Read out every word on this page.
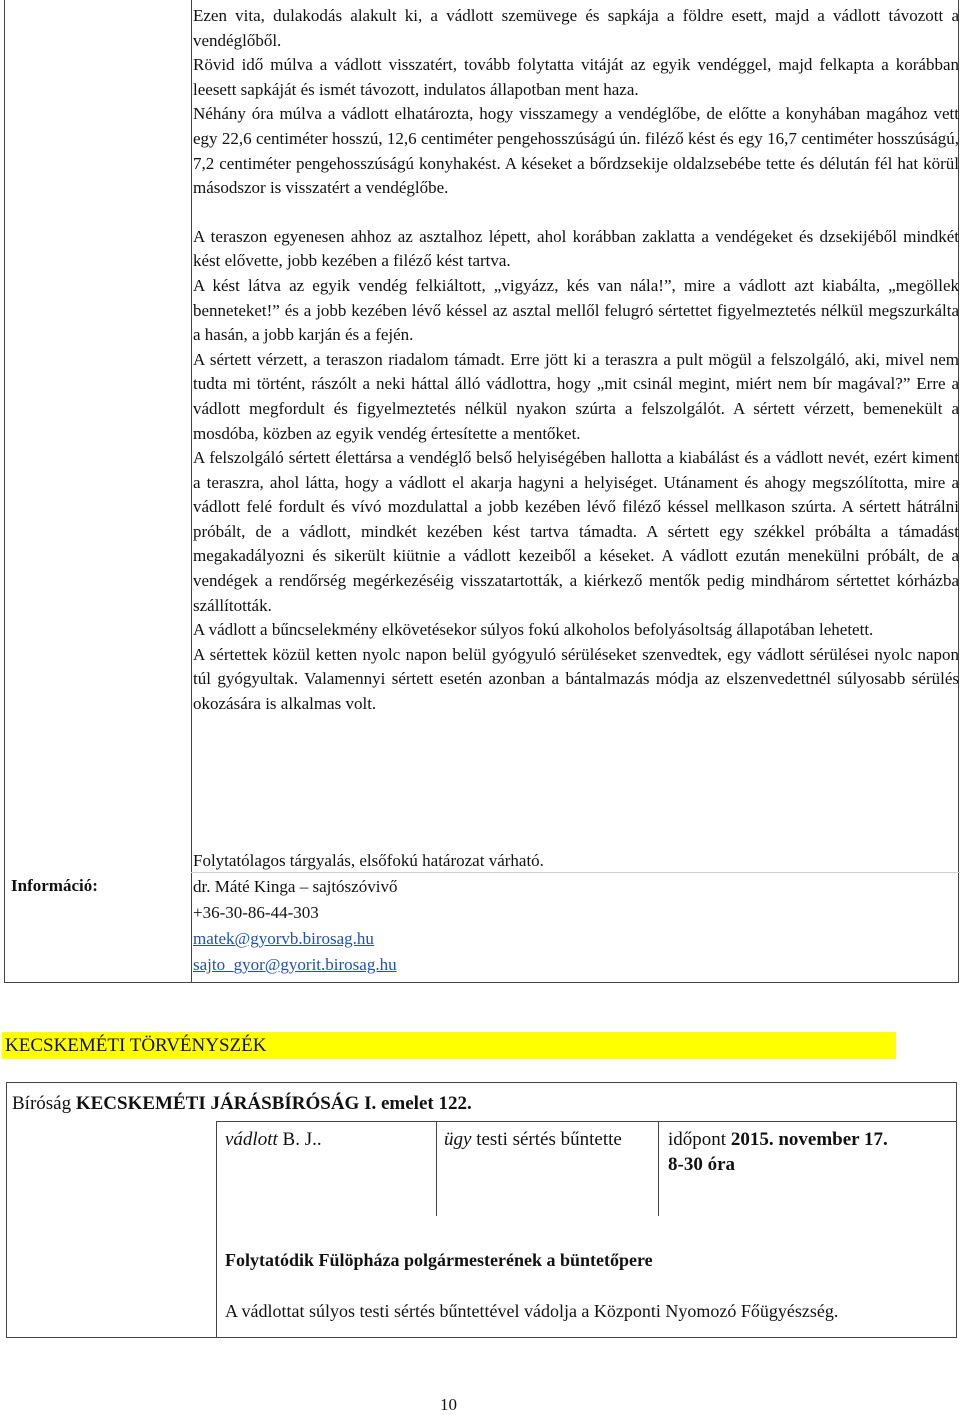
Információ:

Ezen vita, dulakodás alakult ki, a vádlott szemüvege és sapkája a földre esett, majd a vádlott távozott a vendéglőből.

Rövid idő múlva a vádlott visszatért, tovább folytatta vitáját az egyik vendéggel, majd felkapta a korábban leesett sapkáját és ismét távozott, indulatos állapotban ment haza.

Néhány óra múlva a vádlott elhatározta, hogy visszamegy a vendéglőbe, de előtte a konyhában magához vett egy 22,6 centiméter hosszú, 12,6 centiméter pengehosszúságú ún. filéző kést és egy 16,7 centiméter hosszúságú, 7,2 centiméter pengehosszúságú konyhakést. A késeket a bőrdzsekije oldalzsebébe tette és délután fél hat körül másodszor is visszatért a vendéglőbe.

A teraszon egyenesen ahhoz az asztalhoz lépett, ahol korábban zaklatta a vendégeket és dzsekijéből mindkét kést elővette, jobb kezében a filéző kést tartva.

A kést látva az egyik vendég felkiáltott, „vigyázz, kés van nála!”, mire a vádlott azt kiabálta, „megöllek benneteket!” és a jobb kezében lévő késsel az asztal mellől felugró sértettet figyelmeztetés nélkül megszurkálta a hasán, a jobb karján és a fején.

A sértett vérzett, a teraszon riadalom támadt. Erre jött ki a teraszra a pult mögül a felszolgáló, aki, mivel nem tudta mi történt, rászólt a neki háttal álló vádlottra, hogy „mit csinál megint, miért nem bír magával?” Erre a vádlott megfordult és figyelmeztetés nélkül nyakon szúrta a felszolgálót. A sértett vérzett, bemenekült a mosdóba, közben az egyik vendég értesítette a mentőket.

A felszolgáló sértett élettársa a vendéglő belső helyiségében hallotta a kiabálást és a vádlott nevét, ezért kiment a teraszra, ahol látta, hogy a vádlott el akarja hagyni a helyiséget. Utánament és ahogy megszólította, mire a vádlott felé fordult és vívó mozdulattal a jobb kezében lévő filéző késsel mellkason szúrta. A sértett hátrálni próbált, de a vádlott, mindkét kezében kést tartva támadta. A sértett egy székkel próbálta a támadást megakadályozni és sikerült kiütnie a vádlott kezeiből a késeket. A vádlott ezután menekülni próbált, de a vendégek a rendőrség megérkezéséig visszatartották, a kiérkező mentők pedig mindhárom sértettet kórházba szállították.

A vádlott a bűncselekmény elkövetésekor súlyos fokú alkoholos befolyásoltság állapotában lehetett.

A sértettek közül ketten nyolc napon belül gyógyuló sérüléseket szenvedtek, egy vádlott sérülései nyolc napon túl gyógyultak. Valamennyi sértett esetén azonban a bántalmazás módja az elszenvedettnél súlyosabb sérülés okozására is alkalmas volt.

Folytatólagos tárgyalás, elsőfokú határozat várható.

dr. Máté Kinga – sajtószóvivő

+36-30-86-44-303

matek@gyorvb.birosag.hu

sajto_gyor@gyorit.birosag.hu

KECSKEMÉTI TÖRVÉNYSZÉK
Bíróság KECSKEMÉTI JÁRÁSBÍRÓSÁG I. emelet 122.
vádlott B. J..	ügy testi sértés bűntette időpont 2015. november 17.
8-30 óra
Folytatódik Fülöpháza polgármesterének a büntetőpere
A vádlottat súlyos testi sértés bűntettével vádolja a Központi Nyomozó Főügyészség.
10
